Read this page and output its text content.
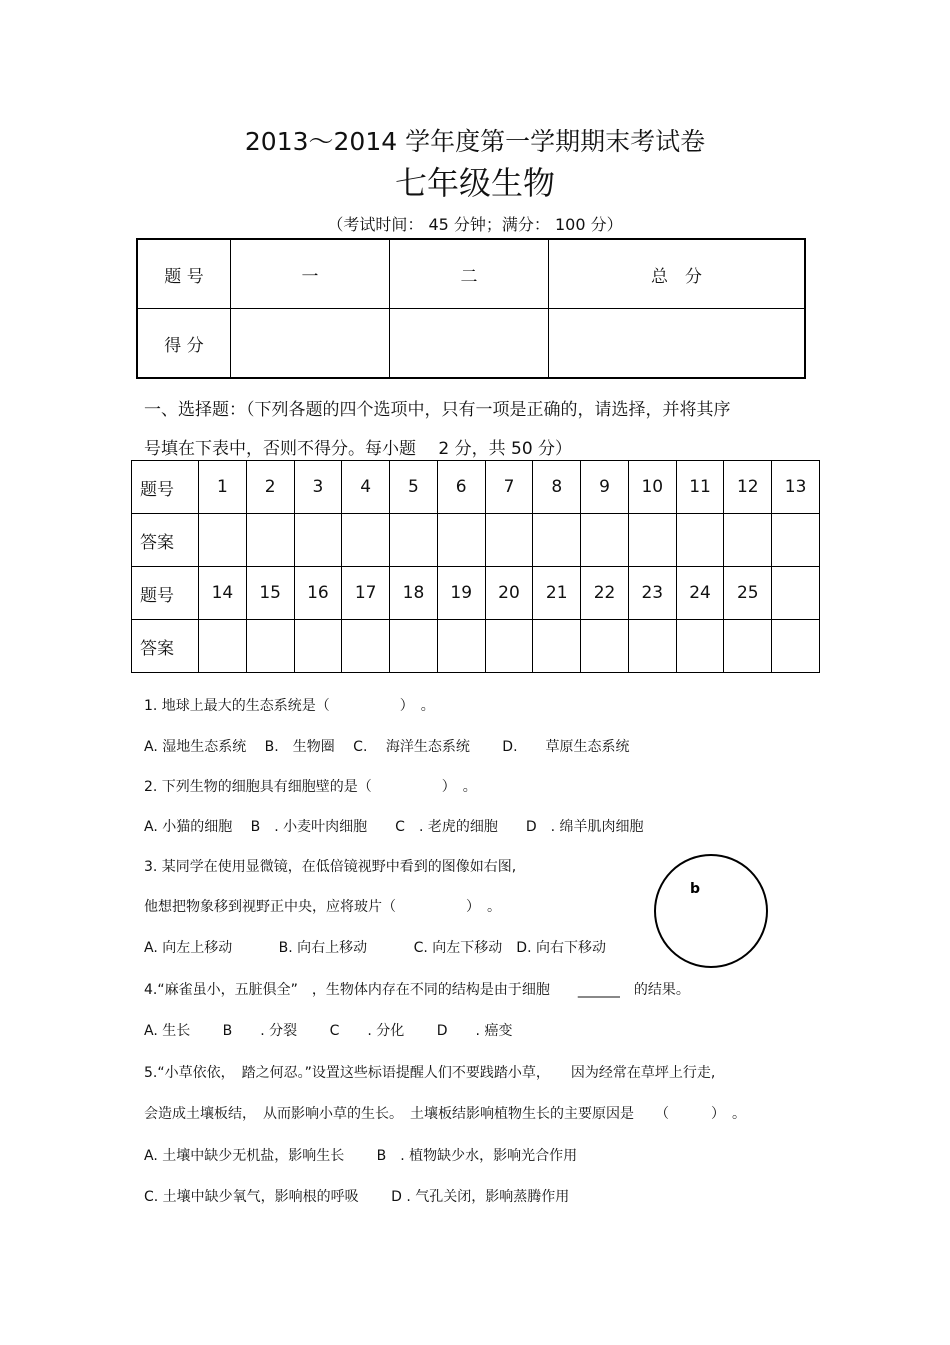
2013～2014 学年度第一学期期末考试卷
七年级生物
（考试时间： 45 分钟；满分： 100 分）
题 号	一	二	总　分
得 分			
一、选择题：（下列各题的四个选项中，只有一项是正确的，请选择，并将其序
号填在下表中，否则不得分。每小题　 2 分，共 50 分）
题号	1	2	3	4	5	6	7	8	9	10	11	12	13
答案													
题号	14	15	16	17	18	19	20	21	22	23	24	25	
答案													
1. 地球上最大的生态系统是（　　　　　）　。
A. 湿地生态系统　 B.　生物圈　 C.　 海洋生态系统　　 D.　　草原生态系统
2. 下列生物的细胞具有细胞壁的是（　　　　　）　。
A. 小猫的细胞　 B　. 小麦叶肉细胞　　C　. 老虎的细胞　　D　. 绵羊肌肉细胞
3. 某同学在使用显微镜，在低倍镜视野中看到的图像如右图,
他想把物象移到视野正中央，应将玻片（　　　　　）　。
A. 向左上移动　　　 B. 向右上移动　　　 C. 向左下移动　D. 向右下移动
4.“麻雀虽小，五脏俱全”　，生物体内存在不同的结构是由于细胞　　______　的结果。
A. 生长　　 B　　. 分裂　　 C　　. 分化　　 D　　. 癌变
5.“小草依依，　踏之何忍。”设置这些标语提醒人们不要践踏小草，　　因为经常在草坪上行走,
会造成土壤板结，　从而影响小草的生长。　土壤板结影响植物生长的主要原因是　　（　　　）　。
A. 土壤中缺少无机盐，影响生长　　 B　. 植物缺少水，影响光合作用
C. 土壤中缺少氧气，影响根的呼吸　　 D . 气孔关闭，影响蒸腾作用
b
